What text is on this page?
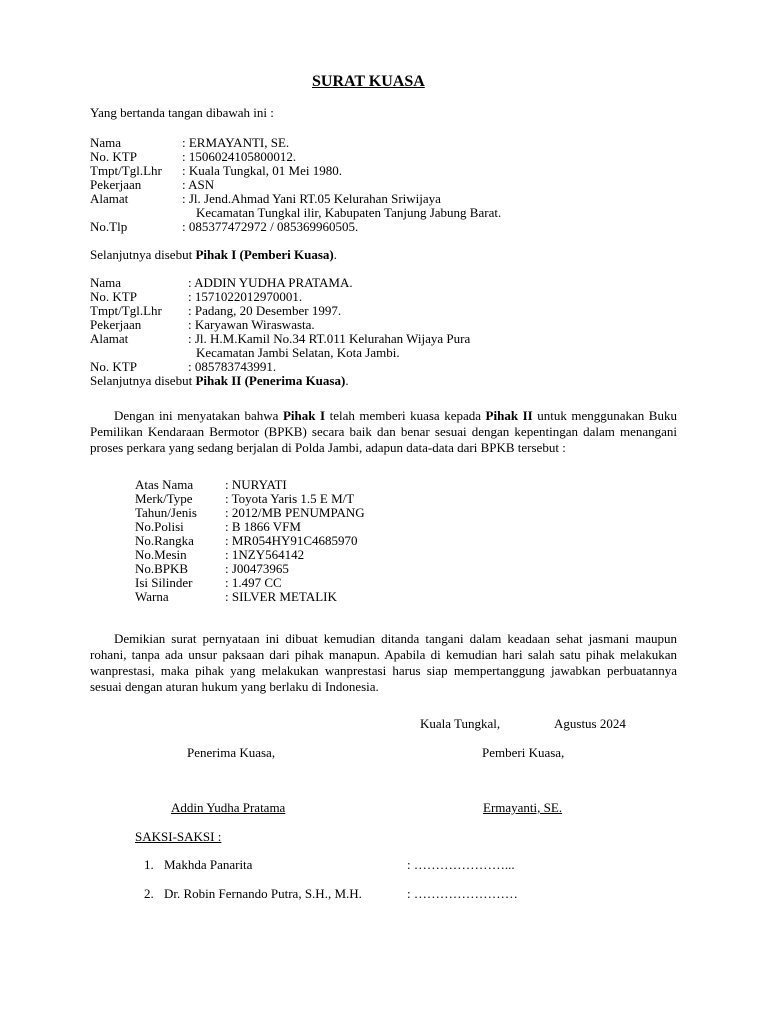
SURAT KUASA
Yang bertanda tangan dibawah ini :
Nama	: ERMAYANTI, SE.
No. KTP	: 1506024105800012.
Tmpt/Tgl.Lhr : Kuala Tungkal, 01 Mei 1980.
Pekerjaan	: ASN
Alamat	: Jl. Jend.Ahmad Yani RT.05 Kelurahan Sriwijaya
Kecamatan Tungkal ilir, Kabupaten Tanjung Jabung Barat.
No.Tlp	: 085377472972 / 085369960505.
Selanjutnya disebut Pihak I (Pemberi Kuasa).
Nama	: ADDIN YUDHA PRATAMA.
No. KTP	: 1571022012970001.
Tmpt/Tgl.Lhr : Padang, 20 Desember 1997.
Pekerjaan	: Karyawan Wiraswasta.
Alamat	: Jl. H.M.Kamil No.34 RT.011 Kelurahan Wijaya Pura
Kecamatan Jambi Selatan, Kota Jambi.
No. KTP	: 085783743991.
Selanjutnya disebut Pihak II (Penerima Kuasa).
Dengan ini menyatakan bahwa Pihak I telah memberi kuasa kepada Pihak II untuk menggunakan Buku Pemilikan Kendaraan Bermotor (BPKB) secara baik dan benar sesuai dengan kepentingan dalam menangani proses perkara yang sedang berjalan di Polda Jambi, adapun data-data dari BPKB tersebut :
Atas Nama : NURYATI
Merk/Type : Toyota Yaris 1.5 E M/T
Tahun/Jenis : 2012/MB PENUMPANG
No.Polisi	: B 1866 VFM
No.Rangka : MR054HY91C4685970
No.Mesin	: 1NZY564142
No.BPKB	: J00473965
Isi Silinder	: 1.497 CC
Warna	: SILVER METALIK
Demikian surat pernyataan ini dibuat kemudian ditanda tangani dalam keadaan sehat jasmani maupun rohani, tanpa ada unsur paksaan dari pihak manapun. Apabila di kemudian hari salah satu pihak melakukan wanprestasi, maka pihak yang melakukan wanprestasi harus siap mempertanggung jawabkan perbuatannya sesuai dengan aturan hukum yang berlaku di Indonesia.
Kuala Tungkal,	Agustus 2024
Penerima Kuasa,	Pemberi Kuasa,
Addin Yudha Pratama	Ermayanti, SE.
SAKSI-SAKSI :
1. Makhda Panarita	: …………………...
2. Dr. Robin Fernando Putra, S.H., M.H.	: ……………………
